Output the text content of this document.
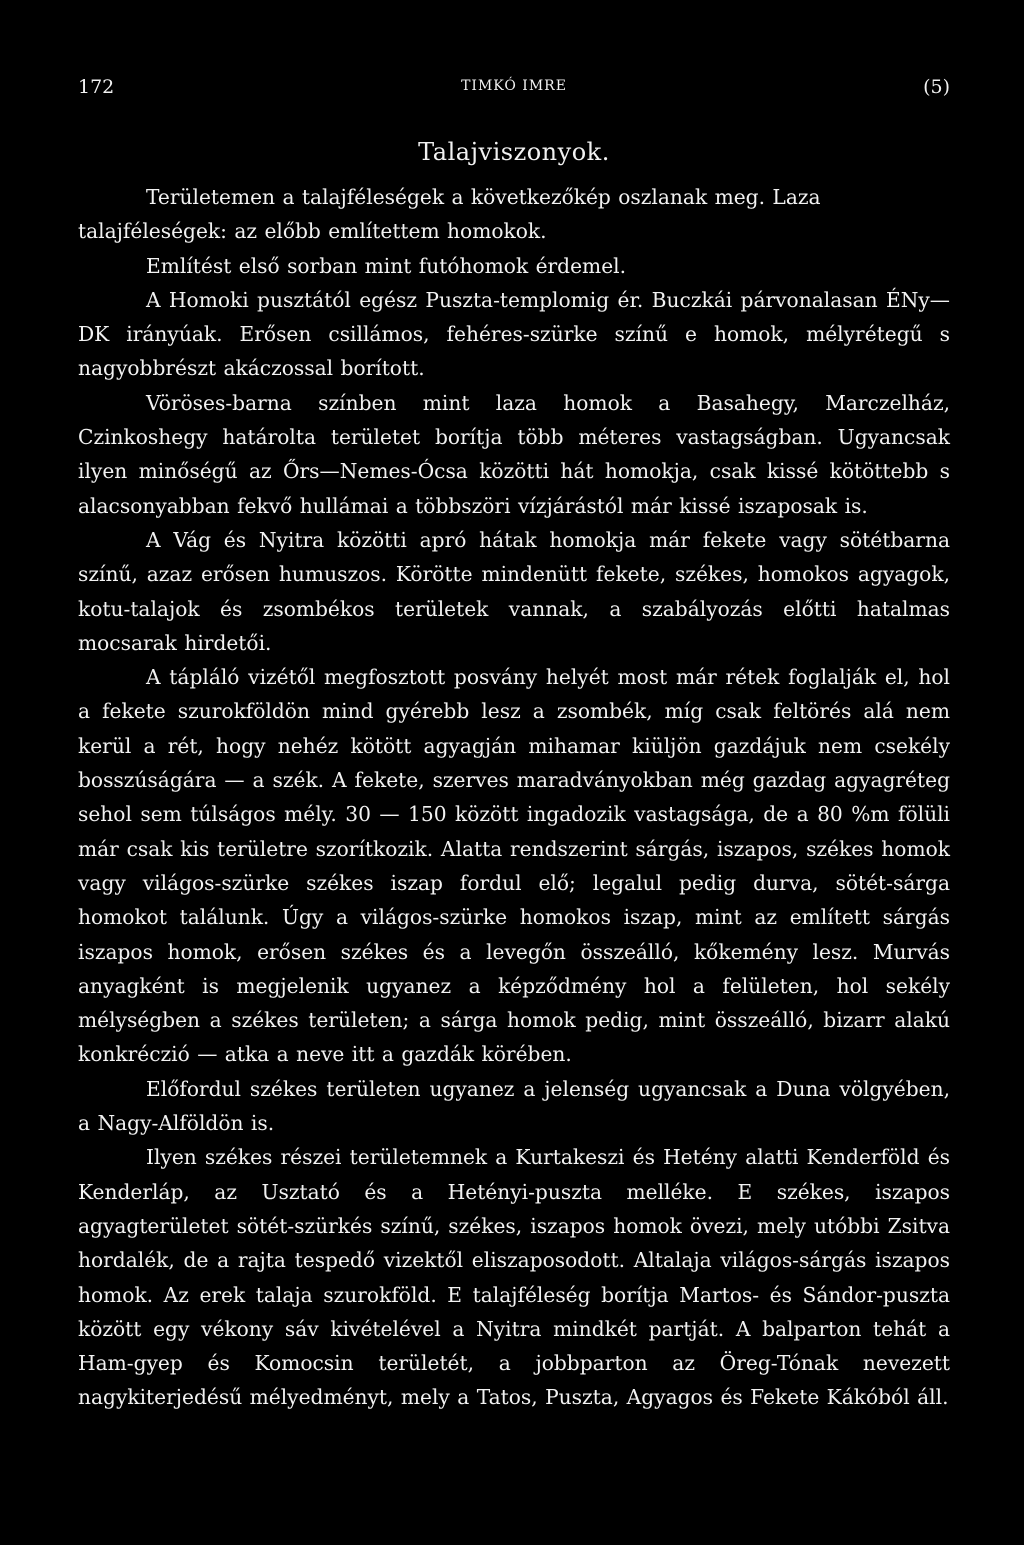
172	TIMKÓ IMRE	(5)
Talajviszonyok.

Területemen a talajféleségek a következőkép oszlanak meg. Laza

talajféleségek: az előbb említettem homokok.

Említést első sorban mint futóhomok érdemel.

A Homoki pusztától egész Puszta-templomig ér. Buczkái párvonalasan ÉNy—DK irányúak. Erősen csillámos, fehéres-szürke színű e homok, mélyrétegű s nagyobbrészt akáczossal borított.

Vöröses-barna színben mint laza homok a Basahegy, Marczelház, Czinkoshegy határolta területet borítja több méteres vastagságban. Ugyancsak ilyen minőségű az Őrs—Nemes-Ócsa közötti hát homokja, csak kissé kötöttebb s alacsonyabban fekvő hullámai a többszöri vízjárástól már kissé iszaposak is.

A Vág és Nyitra közötti apró hátak homokja már fekete vagy sötétbarna színű, azaz erősen humuszos. Körötte mindenütt fekete, székes, homokos agyagok, kotu-talajok és zsombékos területek vannak, a szabályozás előtti hatalmas mocsarak hirdetői.

A tápláló vizétől megfosztott posvány helyét most már rétek foglalják el, hol a fekete szurokföldön mind gyérebb lesz a zsombék, míg csak feltörés alá nem kerül a rét, hogy nehéz kötött agyagján mihamar kiüljön gazdájuk nem csekély bosszúságára — a szék. A fekete, szerves maradványokban még gazdag agyagréteg sehol sem túlságos mély. 30 — 150 között ingadozik vastagsága, de a 80 %m fölüli már csak kis területre szorítkozik. Alatta rendszerint sárgás, iszapos, székes homok vagy világos-szürke székes iszap fordul elő; legalul pedig durva, sötét-sárga homokot találunk. Úgy a világos-szürke homokos iszap, mint az említett sárgás iszapos homok, erősen székes és a levegőn összeálló, kőkemény lesz. Murvás anyagként is megjelenik ugyanez a képződmény hol a felületen, hol sekély mélységben a székes területen; a sárga homok pedig, mint összeálló, bizarr alakú konkréczió — atka a neve itt a gazdák körében.

Előfordul székes területen ugyanez a jelenség ugyancsak a Duna völgyében, a Nagy-Alföldön is.

Ilyen székes részei területemnek a Kurtakeszi és Hetény alatti Kenderföld és Kenderláp, az Usztató és a Hetényi-puszta melléke. E székes, iszapos agyagterületet sötét-szürkés színű, székes, iszapos homok övezi, mely utóbbi Zsitva hordalék, de a rajta tespedő vizektől eliszaposodott. Altalaja világos-sárgás iszapos homok. Az erek talaja szurokföld. E talajféleség borítja Martos- és Sándor-puszta között egy vékony sáv kivételével a Nyitra mindkét partját. A balparton tehát a Ham-gyep és Komocsin területét, a jobbparton az Öreg-Tónak nevezett nagykiterjedésű mélyedményt, mely a Tatos, Puszta, Agyagos és Fekete Kákóból áll.
